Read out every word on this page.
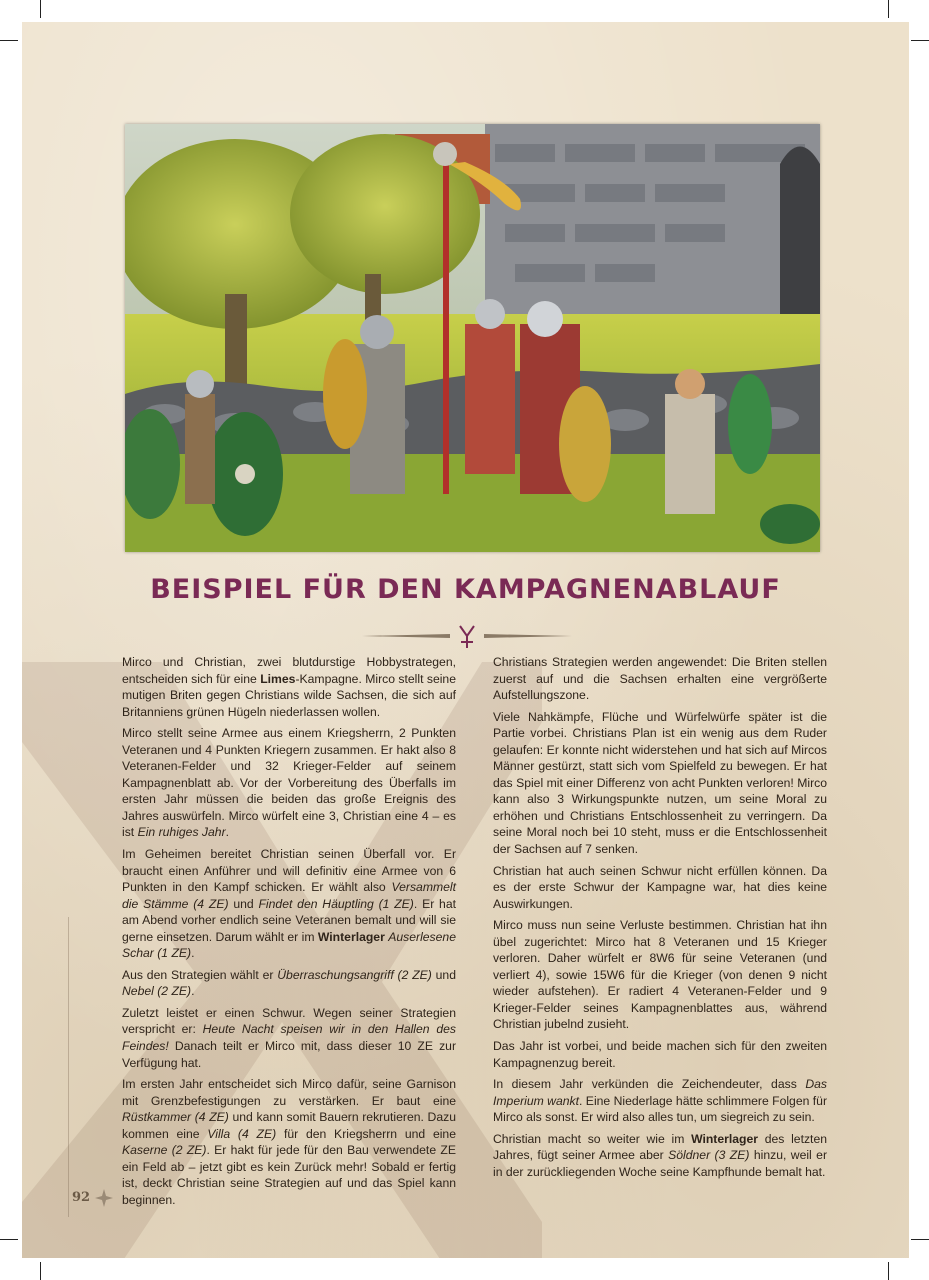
BEISPIEL FÜR DEN KAMPAGNENABLAUF

Mirco und Christian, zwei blutdurstige Hobbystrategen, entscheiden sich für eine Limes-Kampagne. Mirco stellt seine mutigen Briten gegen Christians wilde Sachsen, die sich auf Britanniens grünen Hügeln niederlassen wollen.

Mirco stellt seine Armee aus einem Kriegsherrn, 2 Punkten Veteranen und 4 Punkten Kriegern zusammen. Er hakt also 8 Veteranen-Felder und 32 Krieger-Felder auf seinem Kampagnenblatt ab. Vor der Vorbereitung des Überfalls im ersten Jahr müssen die beiden das große Ereignis des Jahres auswürfeln. Mirco würfelt eine 3, Christian eine 4 – es ist Ein ruhiges Jahr.

Im Geheimen bereitet Christian seinen Überfall vor. Er braucht einen Anführer und will definitiv eine Armee von 6 Punkten in den Kampf schicken. Er wählt also Versammelt die Stämme (4 ZE) und Findet den Häuptling (1 ZE). Er hat am Abend vorher endlich seine Veteranen bemalt und will sie gerne einsetzen. Darum wählt er im Winterlager Auserlesene Schar (1 ZE).

Aus den Strategien wählt er Überraschungsangriff (2 ZE) und Nebel (2 ZE).

Zuletzt leistet er einen Schwur. Wegen seiner Strategien verspricht er: Heute Nacht speisen wir in den Hallen des Feindes! Danach teilt er Mirco mit, dass dieser 10 ZE zur Verfügung hat.

Im ersten Jahr entscheidet sich Mirco dafür, seine Garnison mit Grenzbefestigungen zu verstärken. Er baut eine Rüstkammer (4 ZE) und kann somit Bauern rekrutieren. Dazu kommen eine Villa (4 ZE) für den Kriegsherrn und eine Kaserne (2 ZE). Er hakt für jede für den Bau verwendete ZE ein Feld ab – jetzt gibt es kein Zurück mehr! Sobald er fertig ist, deckt Christian seine Strategien auf und das Spiel kann beginnen.

Christians Strategien werden angewendet: Die Briten stellen zuerst auf und die Sachsen erhalten eine vergrößerte Aufstellungszone.

Viele Nahkämpfe, Flüche und Würfelwürfe später ist die Partie vorbei. Christians Plan ist ein wenig aus dem Ruder gelaufen: Er konnte nicht widerstehen und hat sich auf Mircos Männer gestürzt, statt sich vom Spielfeld zu bewegen. Er hat das Spiel mit einer Differenz von acht Punkten verloren! Mirco kann also 3 Wirkungspunkte nutzen, um seine Moral zu erhöhen und Christians Entschlossenheit zu verringern. Da seine Moral noch bei 10 steht, muss er die Entschlossenheit der Sachsen auf 7 senken.

Christian hat auch seinen Schwur nicht erfüllen können. Da es der erste Schwur der Kampagne war, hat dies keine Auswirkungen.

Mirco muss nun seine Verluste bestimmen. Christian hat ihn übel zugerichtet: Mirco hat 8 Veteranen und 15 Krieger verloren. Daher würfelt er 8W6 für seine Veteranen (und verliert 4), sowie 15W6 für die Krieger (von denen 9 nicht wieder aufstehen). Er radiert 4 Veteranen-Felder und 9 Krieger-Felder seines Kampagnenblattes aus, während Christian jubelnd zusieht.

Das Jahr ist vorbei, und beide machen sich für den zweiten Kampagnenzug bereit.

In diesem Jahr verkünden die Zeichendeuter, dass Das Imperium wankt. Eine Niederlage hätte schlimmere Folgen für Mirco als sonst. Er wird also alles tun, um siegreich zu sein.

Christian macht so weiter wie im Winterlager des letzten Jahres, fügt seiner Armee aber Söldner (3 ZE) hinzu, weil er in der zurückliegenden Woche seine Kampfhunde bemalt hat.

92
